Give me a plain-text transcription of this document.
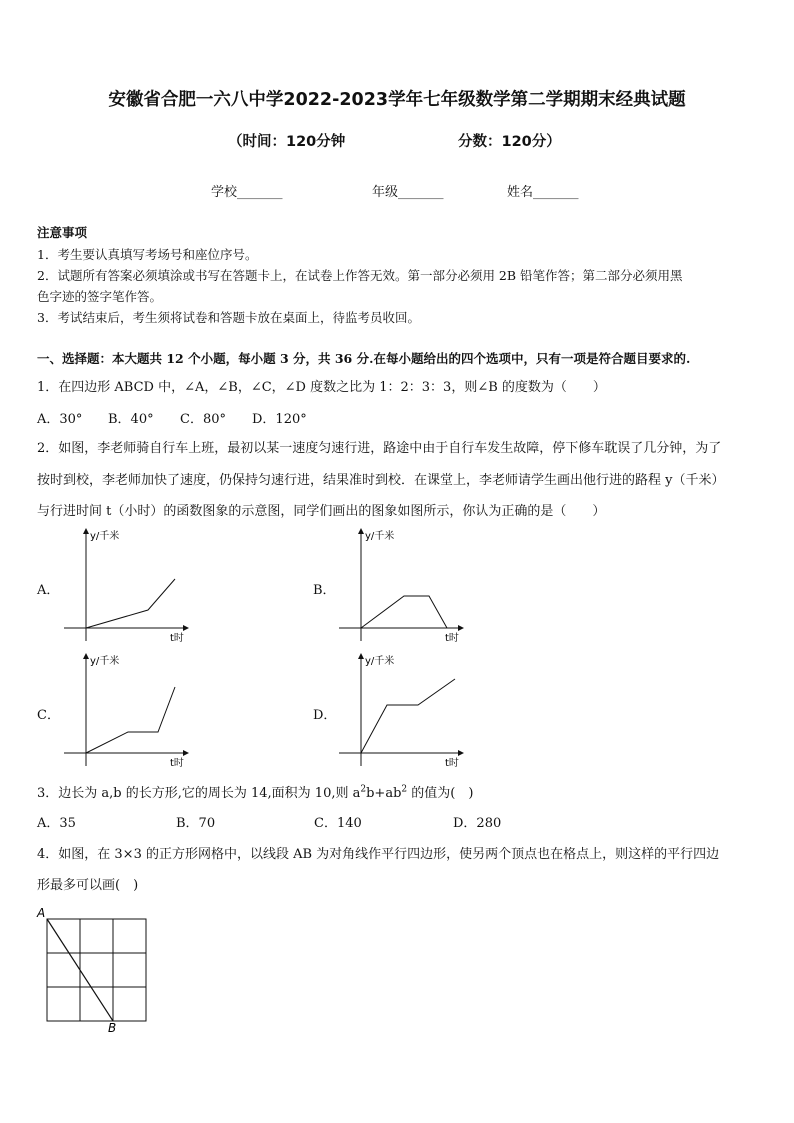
安徽省合肥一六八中学2022-2023学年七年级数学第二学期期末经典试题
（时间：120分钟	分数：120分）
学校_______	年级_______	姓名_______
注意事项
1．考生要认真填写考场号和座位序号。
2．试题所有答案必须填涂或书写在答题卡上，在试卷上作答无效。第一部分必须用 2B 铅笔作答；第二部分必须用黑
色字迹的签字笔作答。
3．考试结束后，考生须将试卷和答题卡放在桌面上，待监考员收回。
一、选择题：本大题共 12 个小题，每小题 3 分，共 36 分.在每小题给出的四个选项中，只有一项是符合题目要求的.
1．在四边形 ABCD 中，∠A，∠B，∠C，∠D 度数之比为 1：2：3：3，则∠B 的度数为（　　）
A．30° B．40° C．80° D．120°
2．如图，李老师骑自行车上班，最初以某一速度匀速行进，路途中由于自行车发生故障，停下修车耽误了几分钟，为了
按时到校，李老师加快了速度，仍保持匀速行进，结果准时到校．在课堂上，李老师请学生画出他行进的路程 y（千米）
与行进时间 t（小时）的函数图象的示意图，同学们画出的图象如图所示，你认为正确的是（　　）
A．	B．
C．	D．
y/千米
t时
y/千米
t时
y/千米
t时
y/千米
t时
3．边长为 a,b 的长方形,它的周长为 14,面积为 10,则 $a^2b+ab^2$ 的值为(　)
A．35	B．70	C．140	D．280
4．如图，在 3×3 的正方形网格中，以线段 AB 为对角线作平行四边形，使另两个顶点也在格点上，则这样的平行四边
形最多可以画(　)
A
B
